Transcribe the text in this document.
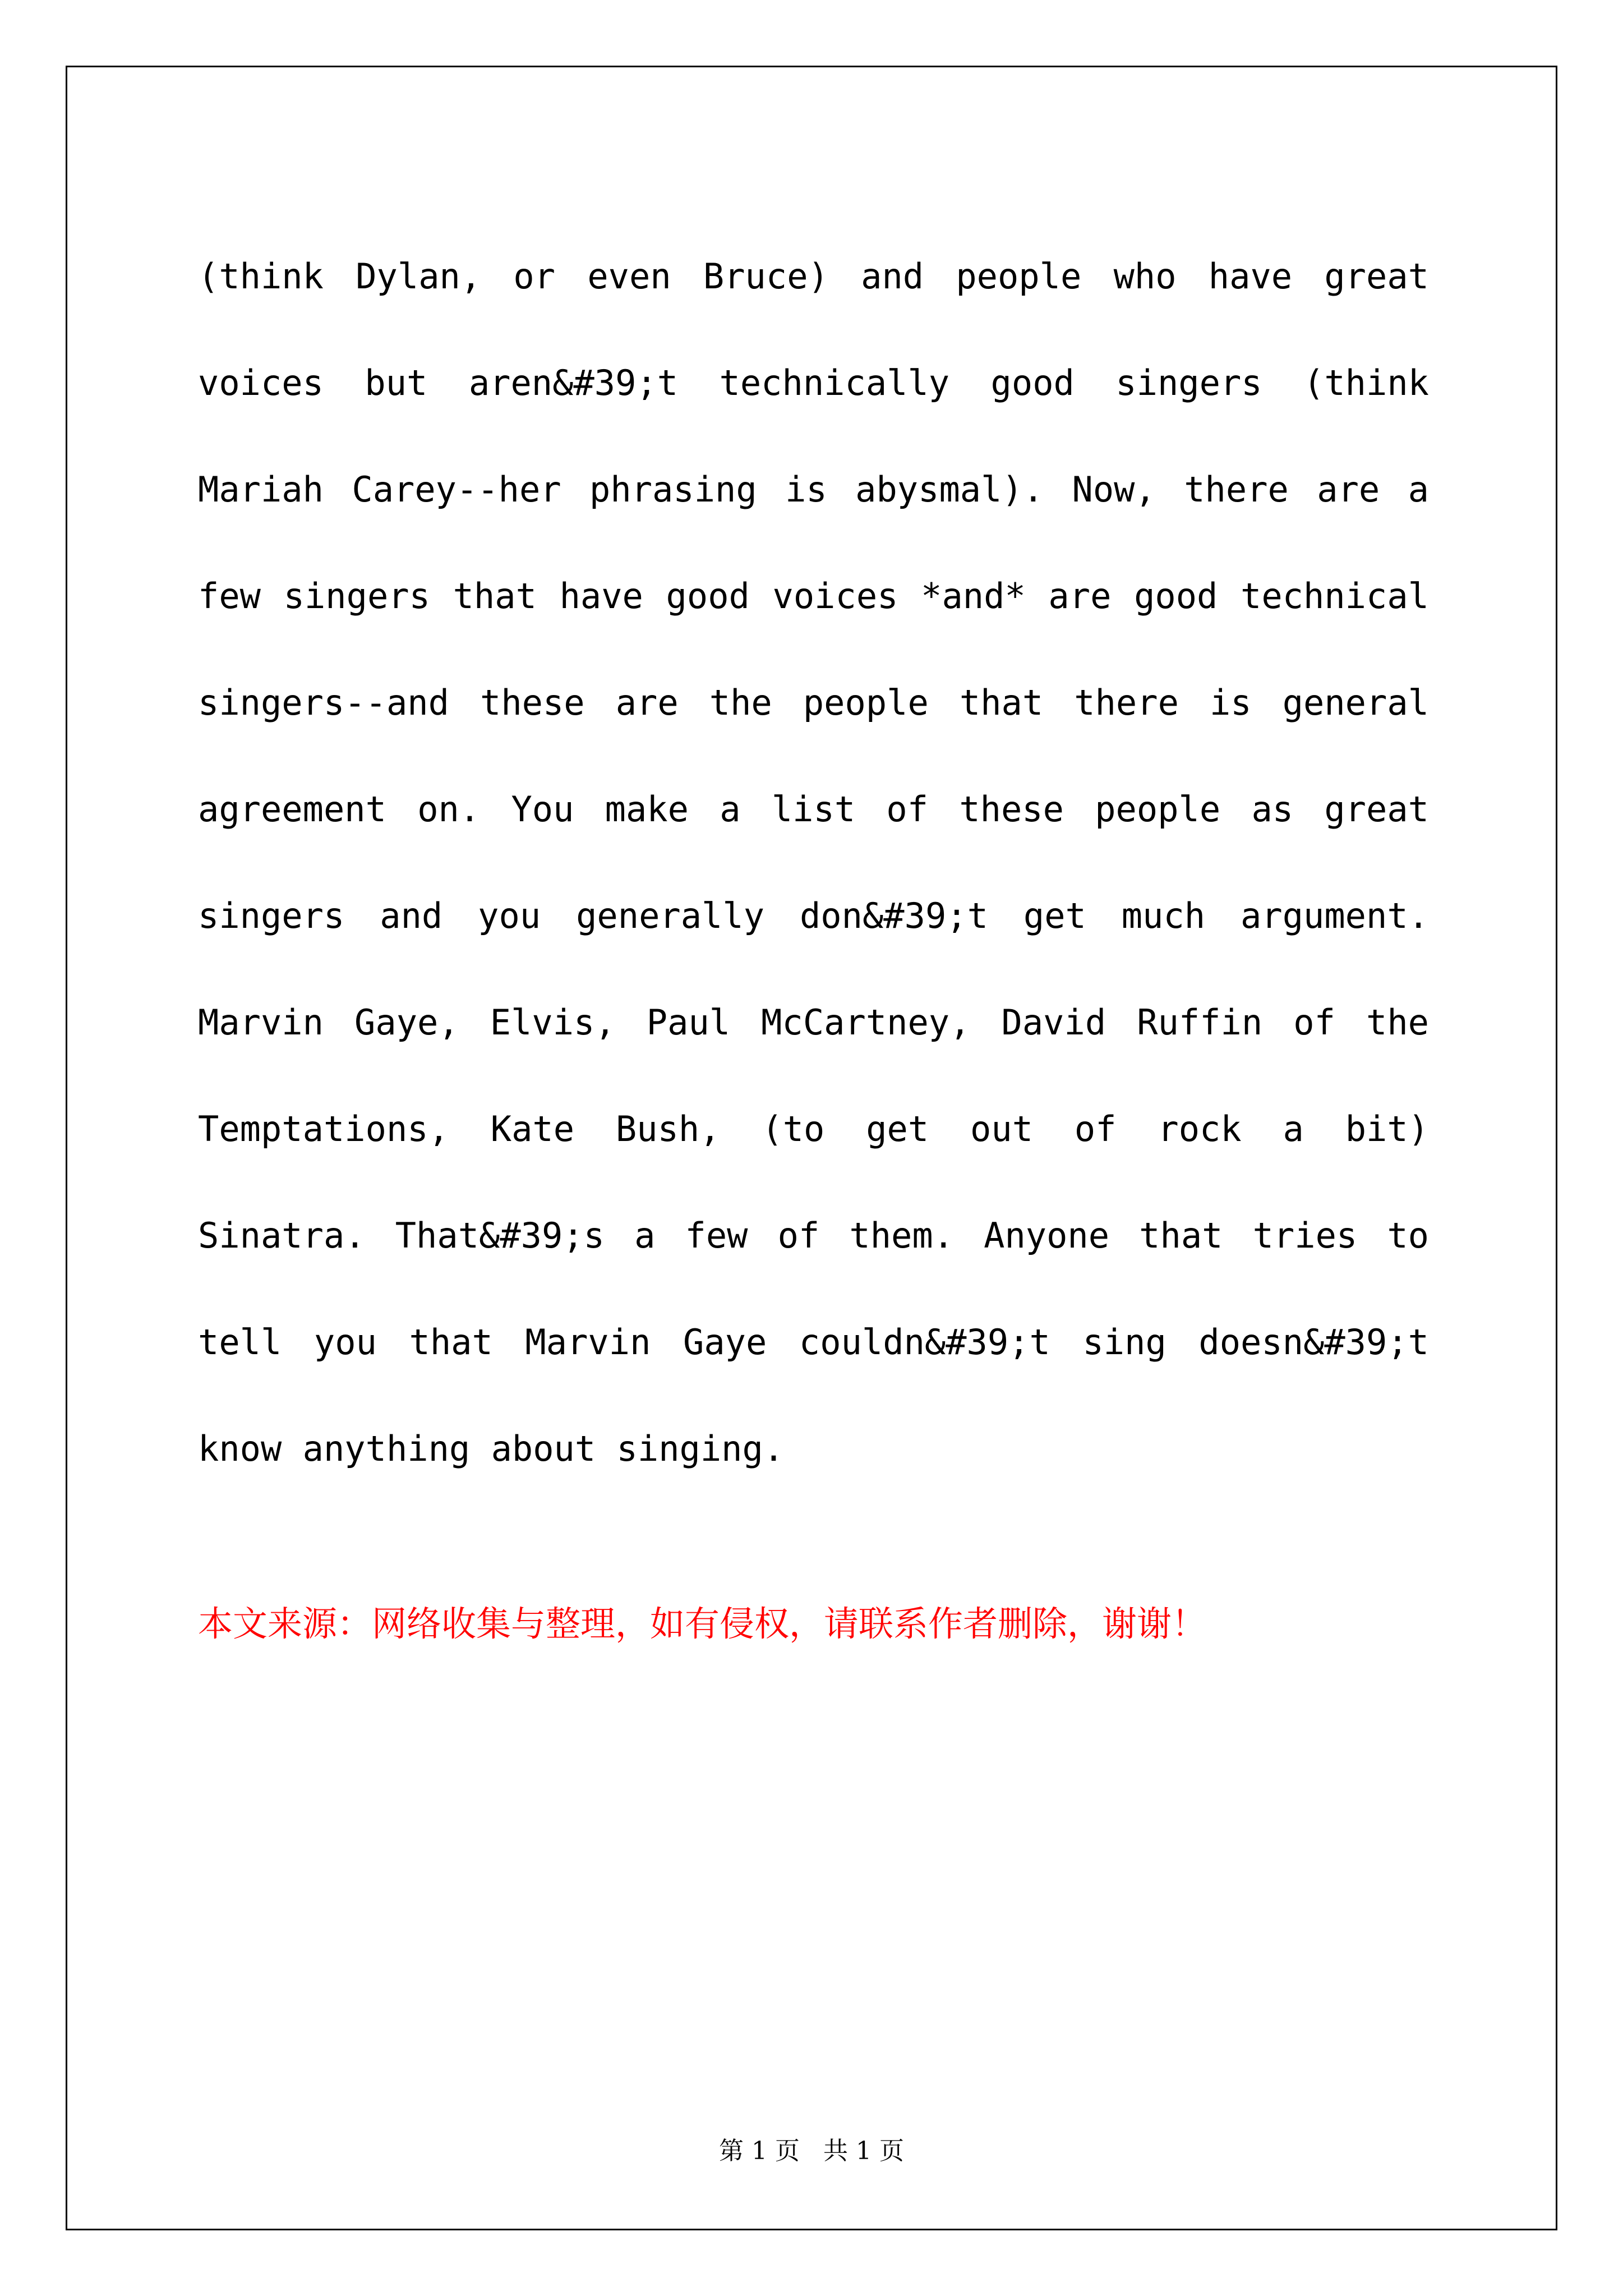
(think Dylan, or even Bruce) and people who have great voices but aren&#39;t technically good singers (think Mariah Carey--her phrasing is abysmal). Now, there are a few singers that have good voices *and* are good technical singers--and these are the people that there is general agreement on. You make a list of these people as great singers and you generally don&#39;t get much argument. Marvin Gaye, Elvis, Paul McCartney, David Ruffin of the Temptations, Kate Bush, (to get out of rock a bit) Sinatra. That&#39;s a few of them. Anyone that tries to tell you that Marvin Gaye couldn&#39;t sing doesn&#39;t know anything about singing.

本文来源：网络收集与整理，如有侵权，请联系作者删除，谢谢！

第 1 页   共 1 页
